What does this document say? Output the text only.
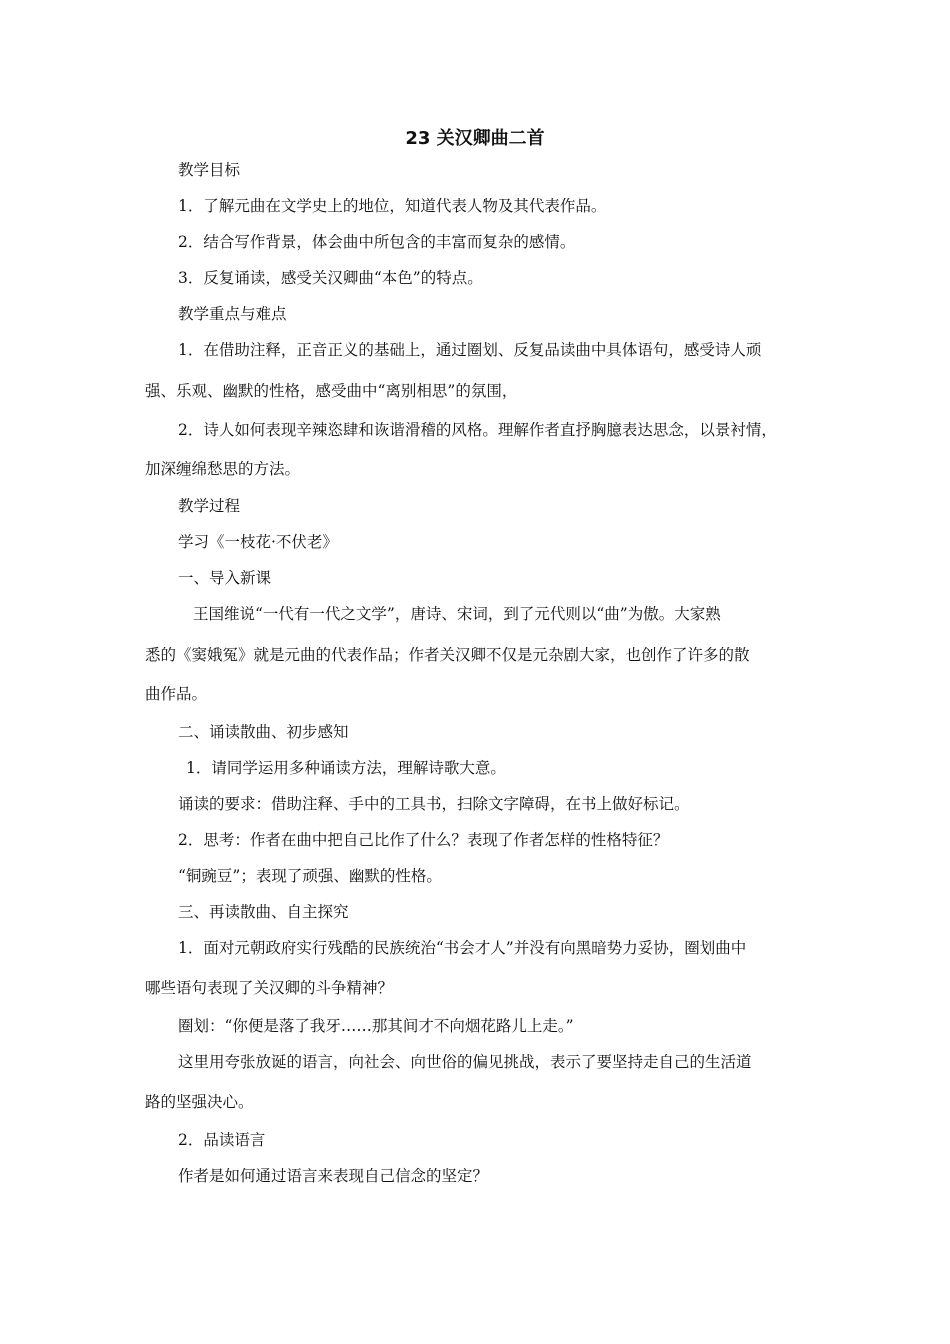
23 关汉卿曲二首
教学目标
1．了解元曲在文学史上的地位，知道代表人物及其代表作品。
2．结合写作背景，体会曲中所包含的丰富而复杂的感情。
3．反复诵读，感受关汉卿曲“本色”的特点。
教学重点与难点
1．在借助注释，正音正义的基础上，通过圈划、反复品读曲中具体语句，感受诗人顽
强、乐观、幽默的性格，感受曲中“离别相思”的氛围，
2．诗人如何表现辛辣恣肆和诙谐滑稽的风格。理解作者直抒胸臆表达思念，以景衬情，
加深缠绵愁思的方法。
教学过程
学习《一枝花·不伏老》
一、导入新课
王国维说“一代有一代之文学”，唐诗、宋词，到了元代则以“曲”为傲。大家熟
悉的《窦娥冤》就是元曲的代表作品；作者关汉卿不仅是元杂剧大家，也创作了许多的散
曲作品。
二、诵读散曲、初步感知
1．请同学运用多种诵读方法，理解诗歌大意。
诵读的要求：借助注释、手中的工具书，扫除文字障碍，在书上做好标记。
2．思考：作者在曲中把自己比作了什么？表现了作者怎样的性格特征？
“铜豌豆”；表现了顽强、幽默的性格。
三、再读散曲、自主探究
1．面对元朝政府实行残酷的民族统治“书会才人”并没有向黑暗势力妥协，圈划曲中
哪些语句表现了关汉卿的斗争精神？
圈划：“你便是落了我牙……那其间才不向烟花路儿上走。”
这里用夸张放诞的语言，向社会、向世俗的偏见挑战，表示了要坚持走自己的生活道
路的坚强决心。
2．品读语言
作者是如何通过语言来表现自己信念的坚定？
